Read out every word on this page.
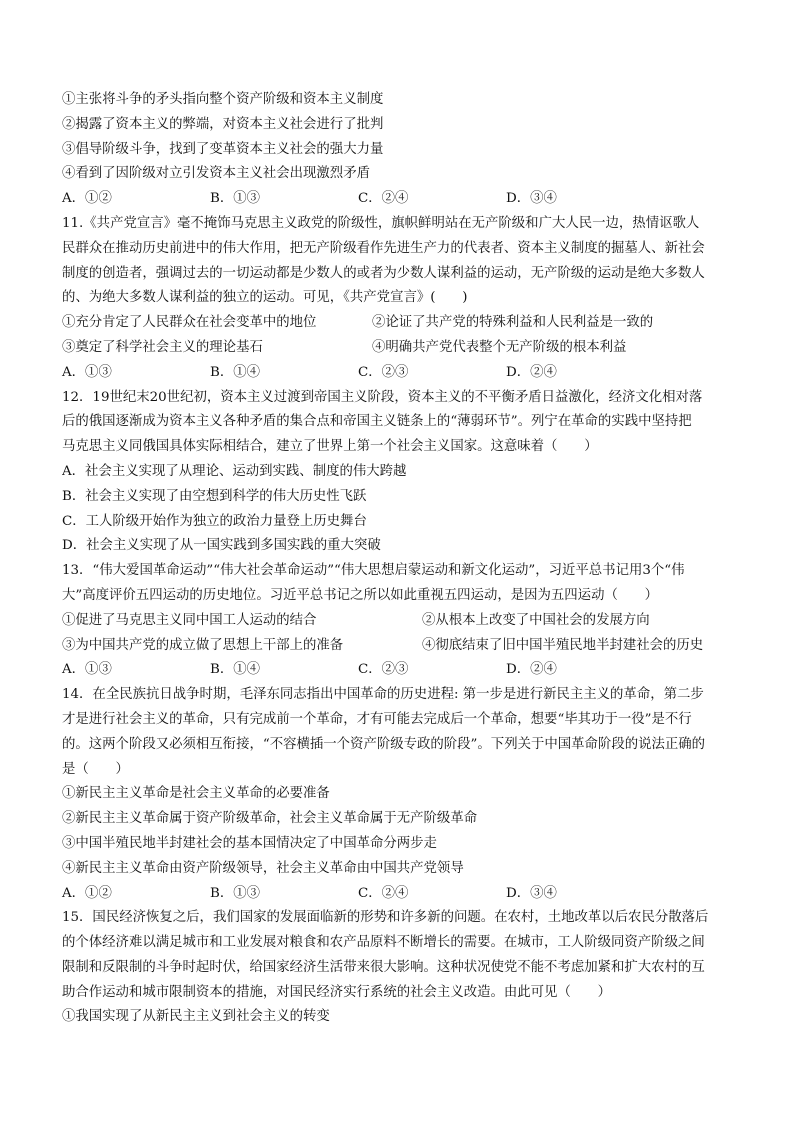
①主张将斗争的矛头指向整个资产阶级和资本主义制度
②揭露了资本主义的弊端，对资本主义社会进行了批判
③倡导阶级斗争，找到了变革资本主义社会的强大力量
④看到了因阶级对立引发资本主义社会出现激烈矛盾
A．①②	B．①③	C．②④	D．③④
11.《共产党宣言》毫不掩饰马克思主义政党的阶级性，旗帜鲜明站在无产阶级和广大人民一边，热情讴歌人
民群众在推动历史前进中的伟大作用，把无产阶级看作先进生产力的代表者、资本主义制度的掘墓人、新社会
制度的创造者，强调过去的一切运动都是少数人的或者为少数人谋利益的运动，无产阶级的运动是绝大多数人
的、为绝大多数人谋利益的独立的运动。可见，《共产党宣言》(　　)
①充分肯定了人民群众在社会变革中的地位	②论证了共产党的特殊利益和人民利益是一致的
③奠定了科学社会主义的理论基石	④明确共产党代表整个无产阶级的根本利益
A．①③	B．①④	C．②③	D．②④
12．19世纪末20世纪初，资本主义过渡到帝国主义阶段，资本主义的不平衡矛盾日益激化，经济文化相对落
后的俄国逐渐成为资本主义各种矛盾的集合点和帝国主义链条上的“薄弱环节”。列宁在革命的实践中坚持把
马克思主义同俄国具体实际相结合，建立了世界上第一个社会主义国家。这意味着（　　）
A．社会主义实现了从理论、运动到实践、制度的伟大跨越
B．社会主义实现了由空想到科学的伟大历史性飞跃
C．工人阶级开始作为独立的政治力量登上历史舞台
D．社会主义实现了从一国实践到多国实践的重大突破
13．“伟大爱国革命运动”“伟大社会革命运动”“伟大思想启蒙运动和新文化运动”，习近平总书记用3个“伟
大”高度评价五四运动的历史地位。习近平总书记之所以如此重视五四运动，是因为五四运动（　　）
①促进了马克思主义同中国工人运动的结合	②从根本上改变了中国社会的发展方向
③为中国共产党的成立做了思想上干部上的准备	④彻底结束了旧中国半殖民地半封建社会的历史
A．①③	B．①④	C．②③	D．②④
14．在全民族抗日战争时期，毛泽东同志指出中国革命的历史进程: 第一步是进行新民主主义的革命，第二步
才是进行社会主义的革命，只有完成前一个革命，才有可能去完成后一个革命，想要“毕其功于一役”是不行
的。这两个阶段又必须相互衔接，“不容横插一个资产阶级专政的阶段”。下列关于中国革命阶段的说法正确的
是（　　）
①新民主主义革命是社会主义革命的必要准备
②新民主主义革命属于资产阶级革命，社会主义革命属于无产阶级革命
③中国半殖民地半封建社会的基本国情决定了中国革命分两步走
④新民主主义革命由资产阶级领导，社会主义革命由中国共产党领导
A．①②	B．①③	C．②④	D．③④
15．国民经济恢复之后，我们国家的发展面临新的形势和许多新的问题。在农村，土地改革以后农民分散落后
的个体经济难以满足城市和工业发展对粮食和农产品原料不断增长的需要。在城市，工人阶级同资产阶级之间
限制和反限制的斗争时起时伏，给国家经济生活带来很大影响。这种状况使党不能不考虑加紧和扩大农村的互
助合作运动和城市限制资本的措施，对国民经济实行系统的社会主义改造。由此可见（　　）
①我国实现了从新民主主义到社会主义的转变
